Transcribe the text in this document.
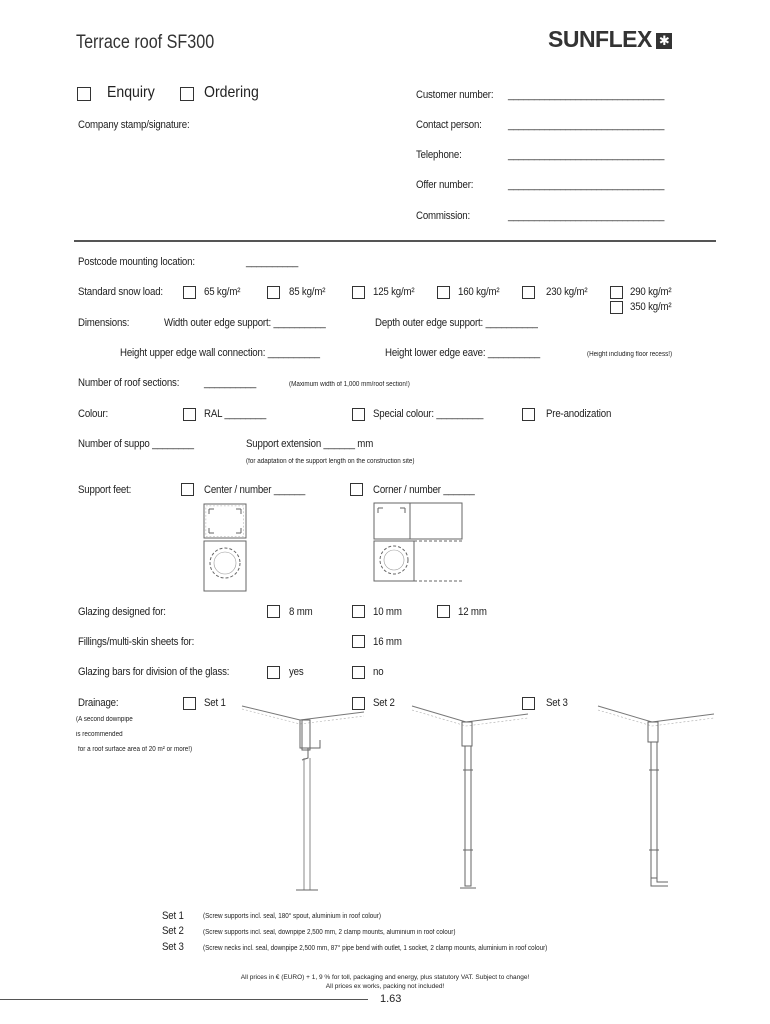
Terrace roof SF300	SUNFLEX ✱
Enquiry	Ordering
Company stamp/signature:
Customer number: ______________________________
Contact person: ______________________________
Telephone:	______________________________
Offer number:	______________________________
Commission:	______________________________
Postcode mounting location:	__________
Standard snow load:	65 kg/m²	85 kg/m²	125 kg/m²	160 kg/m²	230 kg/m²	290 kg/m²
350 kg/m²
Dimensions:	Width outer edge support: __________	Depth outer edge support: __________
Height upper edge wall connection: __________	Height lower edge eave: __________	(Height including floor recess!)
Number of roof sections: __________	(Maximum width of 1,000 mm/roof section!)
Colour:	RAL ________	Special colour: _________	Pre-anodization
Number of suppo ________	Support extension ______ mm
(for adaptation of the support length on the construction site)
Support feet:	Center / number ______	Corner / number ______
Glazing designed for:	8 mm	10 mm	12 mm
Fillings/multi-skin sheets for:	16 mm
Glazing bars for division of the glass:	yes	no
Drainage:
(A second downpipe
is recommended
for a roof surface area of 20 m² or more!)
Set 1	Set 2	Set 3
Set 1	(Screw supports incl. seal, 180° spout, aluminium in roof colour)
Set 2	(Screw supports incl. seal, downpipe 2,500 mm, 2 clamp mounts, aluminium in roof colour)
Set 3	(Screw necks incl. seal, downpipe 2,500 mm, 87° pipe bend with outlet, 1 socket, 2 clamp mounts, aluminium in roof colour)
All prices in € (EURO) + 1, 9 % for toll, packaging and energy, plus statutory VAT. Subject to change!
All prices ex works, packing not included!
1.63
